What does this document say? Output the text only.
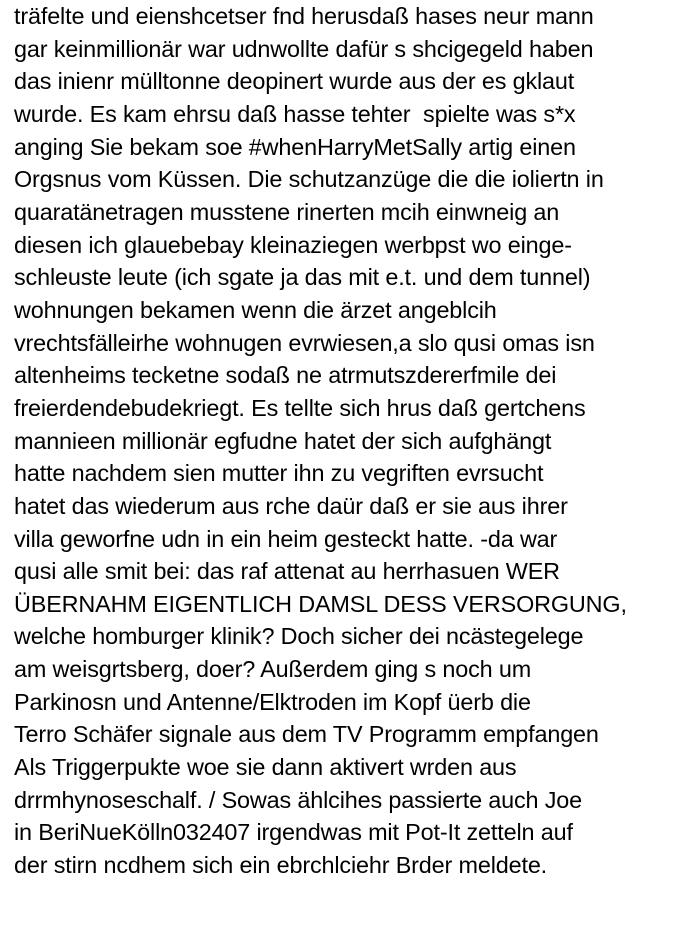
träfelte und eienshcetser fnd herusdaß hases neur mann
gar keinmillionär war udnwollte dafür s shcigegeld haben
das inienr mülltonne deopinert wurde aus der es gklaut
wurde. Es kam ehrsu daß hasse tehter  spielte was s*x
anging Sie bekam soe #whenHarryMetSally artig einen
Orgsnus vom Küssen. Die schutzanzüge die die ioliertn in
quaratänetragen musstene rinerten mcih einwneig an
diesen ich glauebebay kleinaziegen werbpst wo einge-
schleuste leute (ich sgate ja das mit e.t. und dem tunnel)
wohnungen bekamen wenn die ärzet angeblcih
vrechtsfälleirhe wohnugen evrwiesen,a slo qusi omas isn
altenheims tecketne sodaß ne atrmutszdererfmile dei
freierdendebudekriegt. Es tellte sich hrus daß gertchens
mannieen millionär egfudne hatet der sich aufghängt
hatte nachdem sien mutter ihn zu vegriften evrsucht
hatet das wiederum aus rche daür daß er sie aus ihrer
villa geworfne udn in ein heim gesteckt hatte. -da war
qusi alle smit bei: das raf attenat au herrhasuen WER
ÜBERNAHM EIGENTLICH DAMSL DESS VERSORGUNG,
welche homburger klinik? Doch sicher dei ncästegelege
am weisgrtsberg, doer? Außerdem ging s noch um
Parkinosn und Antenne/Elktroden im Kopf üerb die
Terro Schäfer signale aus dem TV Programm empfangen
Als Triggerpukte woe sie dann aktivert wrden aus
drrmhynoseschalf. / Sowas ählcihes passierte auch Joe
in BeriNueKölln032407 irgendwas mit Pot-It zetteln auf
der stirn ncdhem sich ein ebrchlciehr Brder meldete.
